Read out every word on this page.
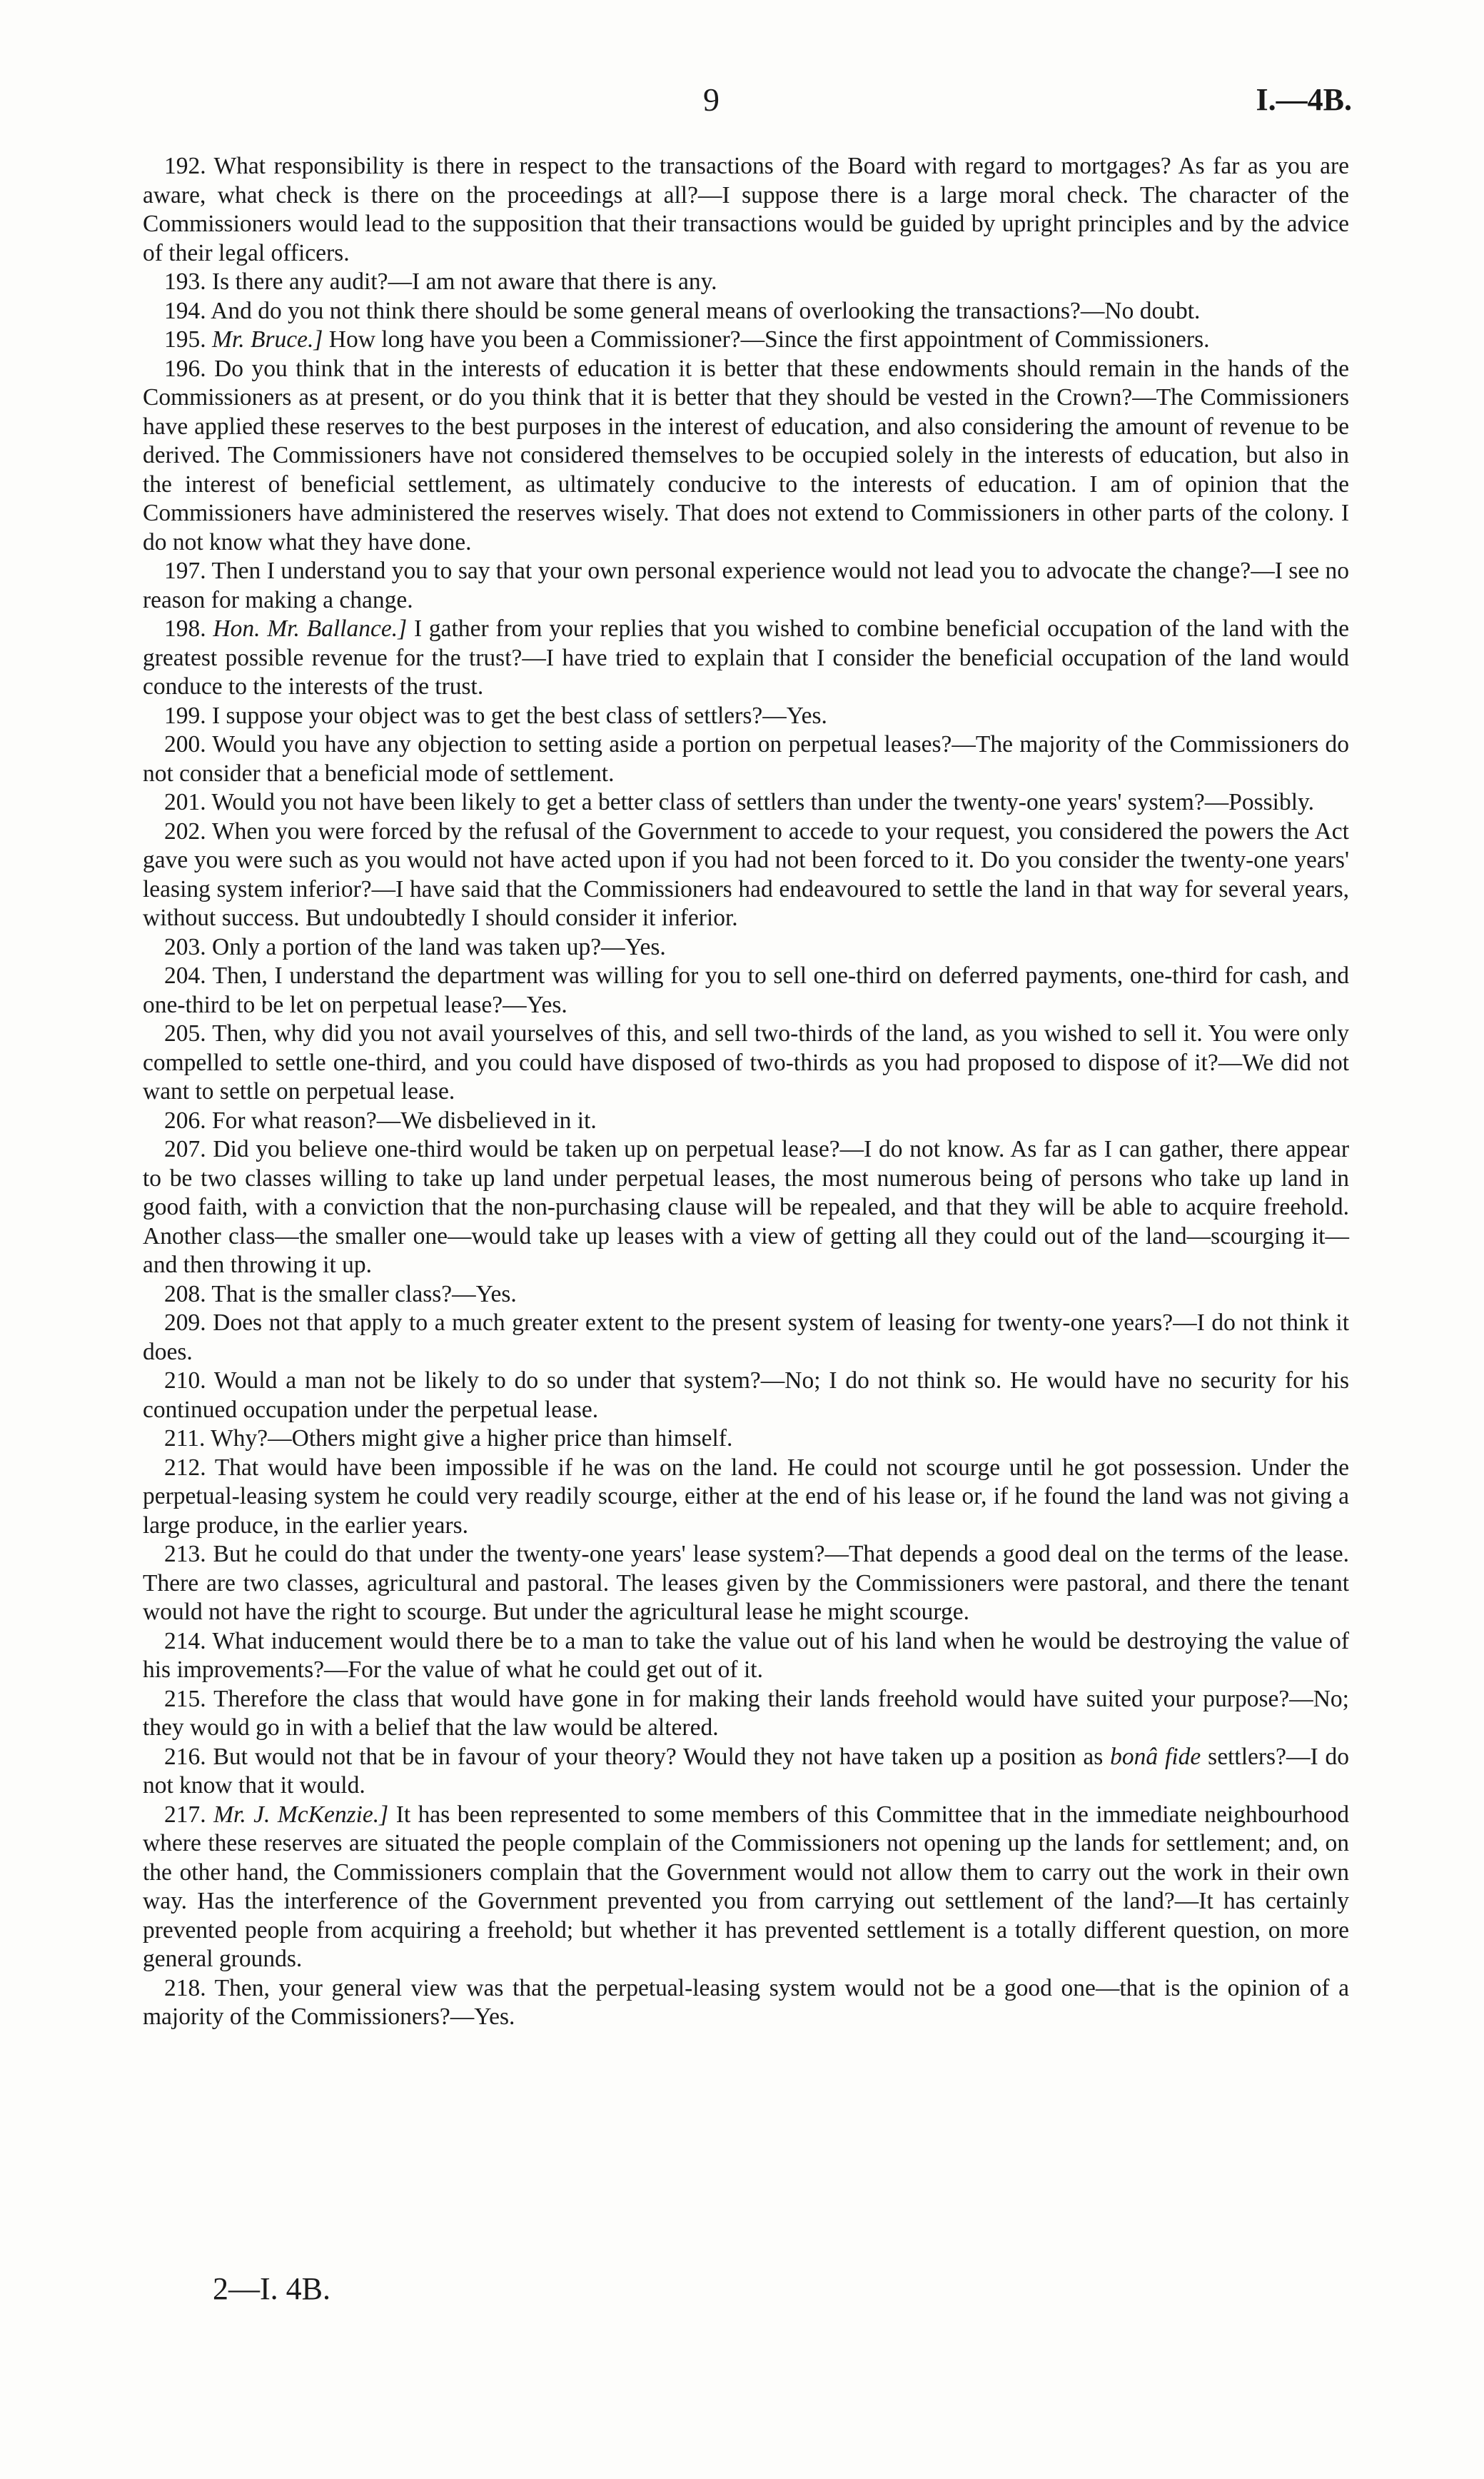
9	I.—4B.

192. What responsibility is there in respect to the transactions of the Board with regard to mortgages? As far as you are aware, what check is there on the proceedings at all?—I suppose there is a large moral check. The character of the Commissioners would lead to the supposition that their transactions would be guided by upright principles and by the advice of their legal officers.

193. Is there any audit?—I am not aware that there is any.

194. And do you not think there should be some general means of overlooking the transactions?—No doubt.

195. Mr. Bruce.] How long have you been a Commissioner?—Since the first appointment of Commissioners.

196. Do you think that in the interests of education it is better that these endowments should remain in the hands of the Commissioners as at present, or do you think that it is better that they should be vested in the Crown?—The Commissioners have applied these reserves to the best purposes in the interest of education, and also considering the amount of revenue to be derived. The Commissioners have not considered themselves to be occupied solely in the interests of education, but also in the interest of beneficial settlement, as ultimately conducive to the interests of education. I am of opinion that the Commissioners have administered the reserves wisely. That does not extend to Commissioners in other parts of the colony. I do not know what they have done.

197. Then I understand you to say that your own personal experience would not lead you to advocate the change?—I see no reason for making a change.

198. Hon. Mr. Ballance.] I gather from your replies that you wished to combine beneficial occupation of the land with the greatest possible revenue for the trust?—I have tried to explain that I consider the beneficial occupation of the land would conduce to the interests of the trust.

199. I suppose your object was to get the best class of settlers?—Yes.

200. Would you have any objection to setting aside a portion on perpetual leases?—The majority of the Commissioners do not consider that a beneficial mode of settlement.

201. Would you not have been likely to get a better class of settlers than under the twenty-one years' system?—Possibly.

202. When you were forced by the refusal of the Government to accede to your request, you considered the powers the Act gave you were such as you would not have acted upon if you had not been forced to it. Do you consider the twenty-one years' leasing system inferior?—I have said that the Commissioners had endeavoured to settle the land in that way for several years, without success. But undoubtedly I should consider it inferior.

203. Only a portion of the land was taken up?—Yes.

204. Then, I understand the department was willing for you to sell one-third on deferred payments, one-third for cash, and one-third to be let on perpetual lease?—Yes.

205. Then, why did you not avail yourselves of this, and sell two-thirds of the land, as you wished to sell it. You were only compelled to settle one-third, and you could have disposed of two-thirds as you had proposed to dispose of it?—We did not want to settle on perpetual lease.

206. For what reason?—We disbelieved in it.

207. Did you believe one-third would be taken up on perpetual lease?—I do not know. As far as I can gather, there appear to be two classes willing to take up land under perpetual leases, the most numerous being of persons who take up land in good faith, with a conviction that the non-purchasing clause will be repealed, and that they will be able to acquire freehold. Another class—the smaller one—would take up leases with a view of getting all they could out of the land—scourging it—and then throwing it up.

208. That is the smaller class?—Yes.

209. Does not that apply to a much greater extent to the present system of leasing for twenty-one years?—I do not think it does.

210. Would a man not be likely to do so under that system?—No; I do not think so. He would have no security for his continued occupation under the perpetual lease.

211. Why?—Others might give a higher price than himself.

212. That would have been impossible if he was on the land. He could not scourge until he got possession. Under the perpetual-leasing system he could very readily scourge, either at the end of his lease or, if he found the land was not giving a large produce, in the earlier years.

213. But he could do that under the twenty-one years' lease system?—That depends a good deal on the terms of the lease. There are two classes, agricultural and pastoral. The leases given by the Commissioners were pastoral, and there the tenant would not have the right to scourge. But under the agricultural lease he might scourge.

214. What inducement would there be to a man to take the value out of his land when he would be destroying the value of his improvements?—For the value of what he could get out of it.

215. Therefore the class that would have gone in for making their lands freehold would have suited your purpose?—No; they would go in with a belief that the law would be altered.

216. But would not that be in favour of your theory? Would they not have taken up a position as bonâ fide settlers?—I do not know that it would.

217. Mr. J. McKenzie.] It has been represented to some members of this Committee that in the immediate neighbourhood where these reserves are situated the people complain of the Commissioners not opening up the lands for settlement; and, on the other hand, the Commissioners complain that the Government would not allow them to carry out the work in their own way. Has the interference of the Government prevented you from carrying out settlement of the land?—It has certainly prevented people from acquiring a freehold; but whether it has prevented settlement is a totally different question, on more general grounds.

218. Then, your general view was that the perpetual-leasing system would not be a good one—that is the opinion of a majority of the Commissioners?—Yes.

2—I. 4B.
